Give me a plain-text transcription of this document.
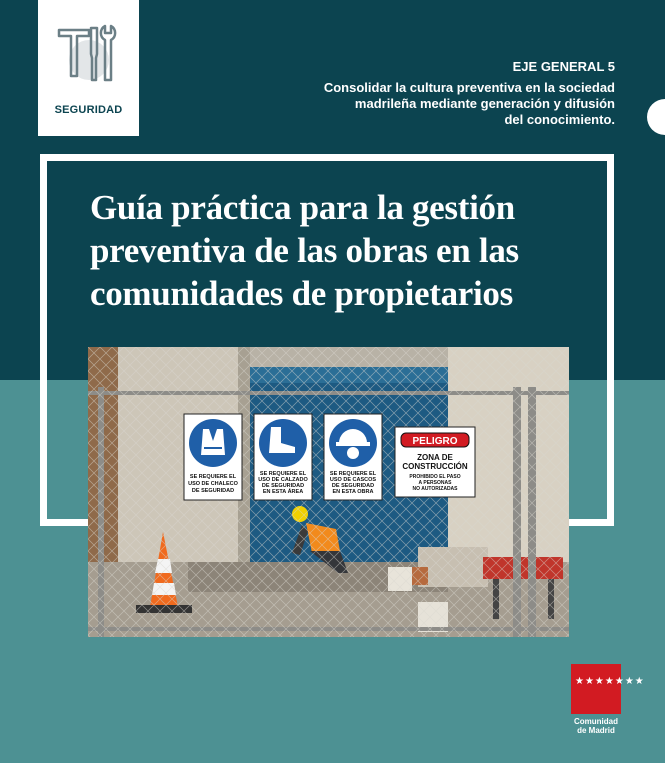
SEGURIDAD
EJE GENERAL 5
Consolidar la cultura preventiva en la sociedad
madrileña mediante generación y difusión
del conocimiento.
Guía práctica para la gestión
preventiva de las obras en las
comunidades de propietarios
SE REQUIERE EL
USO DE CHALECO
DE SEGURIDAD
SE REQUIERE EL
USO DE CALZADO
DE SEGURIDAD
EN ESTA ÁREA
SE REQUIERE EL
USO DE CASCOS
DE SEGURIDAD
EN ESTA OBRA
PELIGRO
ZONA DE
CONSTRUCCIÓN
PROHIBIDO EL PASO
A PERSONAS
NO AUTORIZADAS
★★★★★★★
Comunidad
de Madrid
